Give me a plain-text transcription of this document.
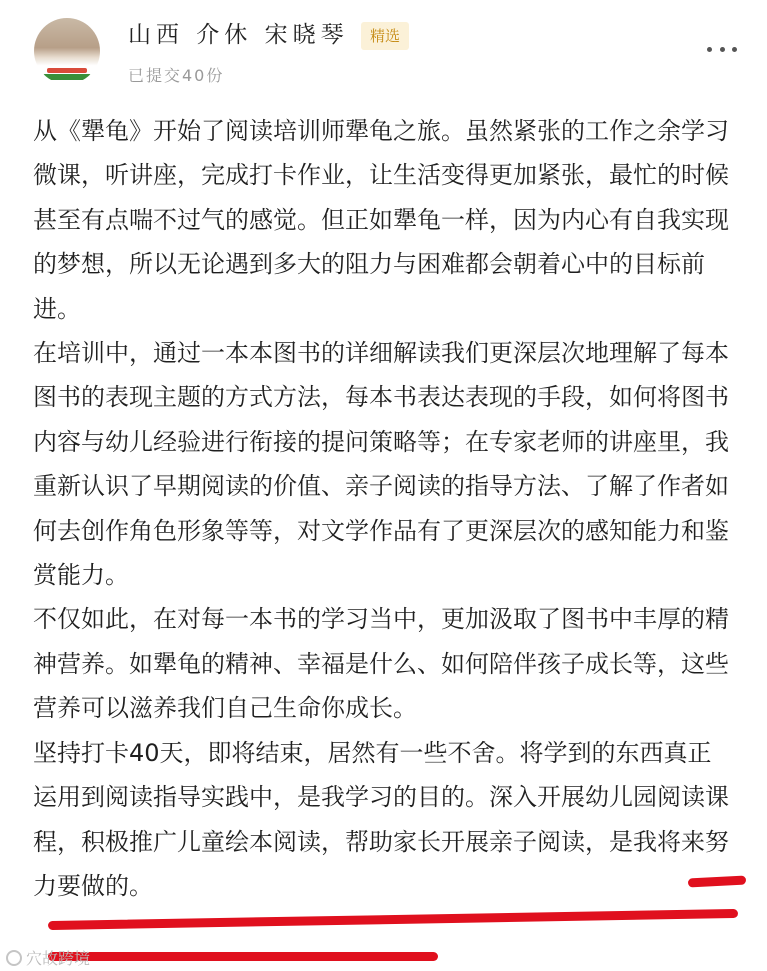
山西 介休 宋晓琴	精选
已提交40份

从《犟龟》开始了阅读培训师犟龟之旅。虽然紧张的工作之余学习微课，听讲座，完成打卡作业，让生活变得更加紧张，最忙的时候甚至有点喘不过气的感觉。但正如犟龟一样，因为内心有自我实现的梦想，所以无论遇到多大的阻力与困难都会朝着心中的目标前进。

在培训中，通过一本本图书的详细解读我们更深层次地理解了每本图书的表现主题的方式方法，每本书表达表现的手段，如何将图书内容与幼儿经验进行衔接的提问策略等；在专家老师的讲座里，我重新认识了早期阅读的价值、亲子阅读的指导方法、了解了作者如何去创作角色形象等等，对文学作品有了更深层次的感知能力和鉴赏能力。

不仅如此，在对每一本书的学习当中，更加汲取了图书中丰厚的精神营养。如犟龟的精神、幸福是什么、如何陪伴孩子成长等，这些营养可以滋养我们自己生命你成长。

坚持打卡40天，即将结束，居然有一些不舍。将学到的东西真正运用到阅读指导实践中，是我学习的目的。深入开展幼儿园阅读课程，积极推广儿童绘本阅读，帮助家长开展亲子阅读，是我将来努力要做的。

穴故跨境
